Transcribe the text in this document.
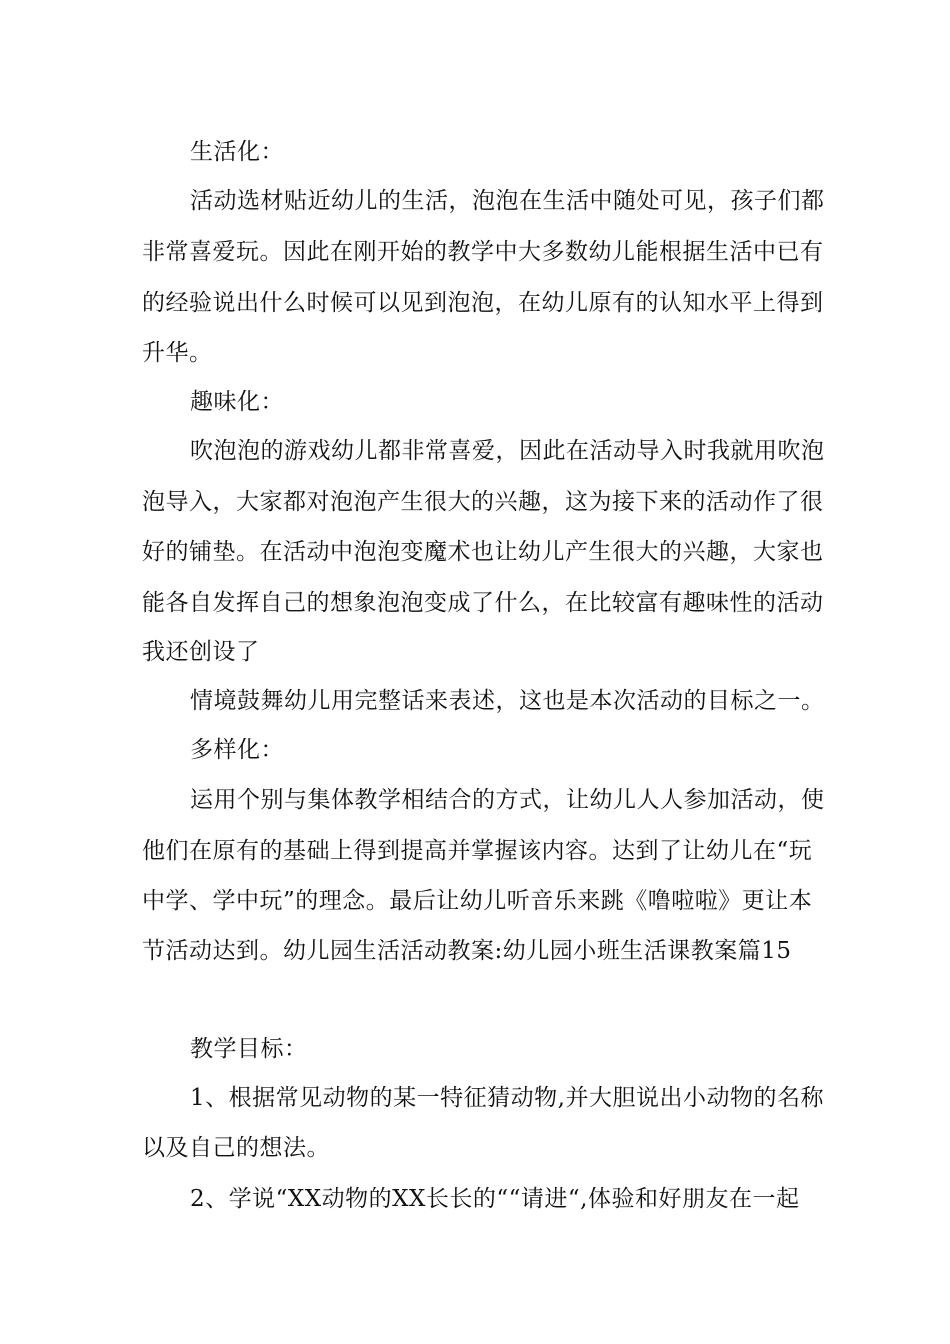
生活化：
活动选材贴近幼儿的生活，泡泡在生活中随处可见，孩子们都
非常喜爱玩。因此在刚开始的教学中大多数幼儿能根据生活中已有
的经验说出什么时候可以见到泡泡，在幼儿原有的认知水平上得到
升华。
趣味化：
吹泡泡的游戏幼儿都非常喜爱，因此在活动导入时我就用吹泡
泡导入，大家都对泡泡产生很大的兴趣，这为接下来的活动作了很
好的铺垫。在活动中泡泡变魔术也让幼儿产生很大的兴趣，大家也
能各自发挥自己的想象泡泡变成了什么，在比较富有趣味性的活动
我还创设了
情境鼓舞幼儿用完整话来表述，这也是本次活动的目标之一。
多样化：
运用个别与集体教学相结合的方式，让幼儿人人参加活动，使
他们在原有的基础上得到提高并掌握该内容。达到了让幼儿在“玩
中学、学中玩”的理念。最后让幼儿听音乐来跳《噜啦啦》更让本
节活动达到。幼儿园生活活动教案:幼儿园小班生活课教案篇15
教学目标：
1、根据常见动物的某一特征猜动物,并大胆说出小动物的名称
以及自己的想法。
2、学说“XX动物的XX长长的““请进“,体验和好朋友在一起
